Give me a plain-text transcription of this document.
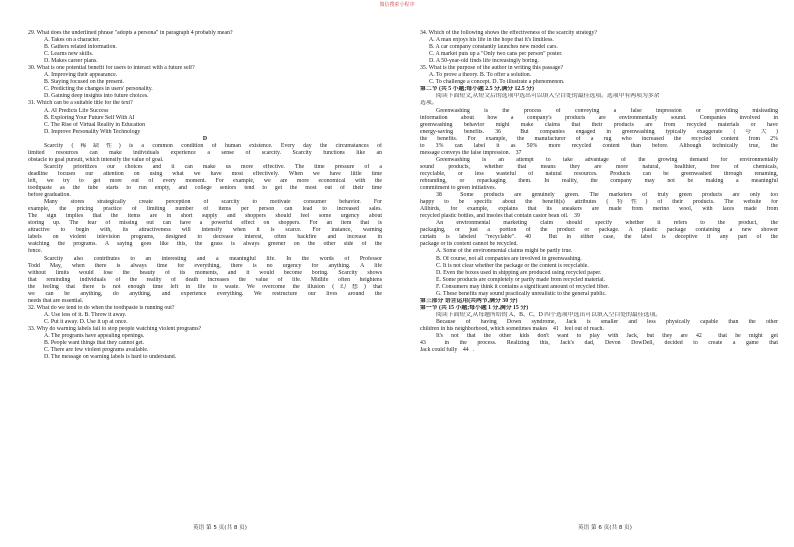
微信搜索小程序
29. What does the underlined phrase "adopts a persona" in paragraph 4 probably mean?
A. Takes on a character.
B. Gathers related information.
C. Learns new skills.
D. Makes career plans.
30. What is one potential benefit for users to interact with a future self?
A. Improving their appearance.
B. Staying focused on the present.
C. Predicting the changes in users' personality.
D. Gaining deep insights into future choices.
31. Which can be a suitable title for the text?
A. AI Predicts Life Success
B. Exploring Your Future Self With AI
C. The Rise of Virtual Reality in Education
D. Improve Personality With Technology
D
Scarcity (稀缺性) is a common condition of human existence. Every day the circumstances of
limited resources can make individuals experience a sense of scarcity. Scarcity functions like an
obstacle to goal pursuit, which intensify the value of goal.
Scarcity prioritizes our choices and it can make us more effective. The time pressure of a
deadline focuses our attention on using what we have most effectively. When we have little time
left, we try to get more out of every moment. For example, we are more economical with the
toothpaste as the tube starts to run empty, and college seniors tend to get the most out of their time
before graduation.
Many stores strategically create perception of scarcity to motivate consumer behavior. For
example, the pricing practice of limiting number of items per person can lead to increased sales.
The sign implies that the items are in short supply and shoppers should feel some urgency about
storing up. The fear of missing out can have a powerful effect on shoppers. For an item that is
attractive to begin with, its attractiveness will intensify when it is scarce. For instance, warning
labels on violent television programs, designed to decrease interest, often backfire and increase in
watching the programs. A saying goes like this, the grass is always greener on the other side of the
fence.
Scarcity also contributes to an interesting and a meaningful life. In the words of Professor
Todd May, when there is always time for everything, there is no urgency for anything. A life
without limits would lose the beauty of its moments, and it would become boring. Scarcity shows
that reminding individuals of the reality of death increases the value of life. Midlife often heightens
the feeling that there is not enough time left in life to waste. We overcome the illusion (幻想) that
we can be anything, do anything, and experience everything. We restructure our lives around the
needs that are essential.
32. What do we tend to do when the toothpaste is running out?
A. Use less of it. B. Throw it away.
C. Put it away. D. Use it up at once.
33. Why do warning labels fail to stop people watching violent programs?
A. The programs have appealing openings.
B. People want things that they cannot get.
C. There are few violent programs available.
D. The message on warning labels is hard to understand.
34. Which of the following shows the effectiveness of the scarcity strategy?
A. A man enjoys his life in the hope that it's limitless.
B. A car company constantly launches new model cars.
C. A market puts up a "Only two cans per person" poster.
D. A 50-year-old finds life increasingly boring.
35. What is the purpose of the author in writing this passage?
A. To prove a theory. B. To offer a solution.
C. To challenge a concept. D. To illustrate a phenomenon.
第二节 (共 5 小题;每小题 2.5 分,满分 12.5 分)
阅读下面短文,从短文后的选项中选出可以填入空白处的最佳选项。选项中有两项为多余
选项。
Greenwashing is the process of conveying a false impression or providing misleading
information about how a company's products are environmentally sound. Companies involved in
greenwashing behavior might make claims that their products are from recycled materials or have
energy-saving benefits. 36 But companies engaged in greenwashing typically exaggerate (夸大)
the benefits. For example, the manufacturer of a rug who increased the recycled content from 2%
to 3% can label it as 50% more recycled content than before. Although technically true, the
message conveys the false impression. 37
Greenwashing is an attempt to take advantage of the growing demand for environmentally
sound products, whether that means they are more natural, healthier, free of chemicals,
recyclable, or less wasteful of natural resources. Products can be greenwashed through renaming,
rebranding, or repackaging them. In reality, the company may not be making a meaningful
commitment to green initiatives.
38 Some products are genuinely green. The marketers of truly green products are only too
happy to be specific about the benefit(s) attributes (特性) of their products. The website for
Allbirds, for example, explains that its sneakers are made from merino wool, with laces made from
recycled plastic bottles, and insoles that contain castor bean oil. 39
An environmental marketing claim should specify whether it refers to the product, the
packaging, or just a portion of the product or package. A plastic package containing a new shower
curtain is labeled "recyclable". 40 But in either case, the label is deceptive if any part of the
package or its content cannot be recycled.
A. Some of the environmental claims might be partly true.
B. Of course, not all companies are involved in greenwashing.
C. It is not clear whether the package or the content is recyclable.
D. Even the boxes used in shipping are produced using recycled paper.
E. Some products are completely or partly made from recycled material.
F. Consumers may think it contains a significant amount of recycled fiber.
G. These benefits may sound practically unrealistic to the general public.
第三部分 语言运用(共两节,满分 30 分)
第一节 (共 15 小题;每小题 1 分,满分 15 分)
阅读下面短文,从每题所给的 A、B、C、D 四个选项中选出可以填入空白处的最佳选项。
Because of having Down syndrome, Jack is smaller and less physically capable than the other
children in his neighborhood, which sometimes makes 41 feel out of reach.
It's not that the other kids don't want to play with Jack, but they are 42 that he might get
43 in the process. Realizing this, Jack's dad, Devon DowDell, decided to create a game that
Jack could fully 44 .
英语 第 5 页(共 8 页)	英语 第 6 页(共 8 页)
